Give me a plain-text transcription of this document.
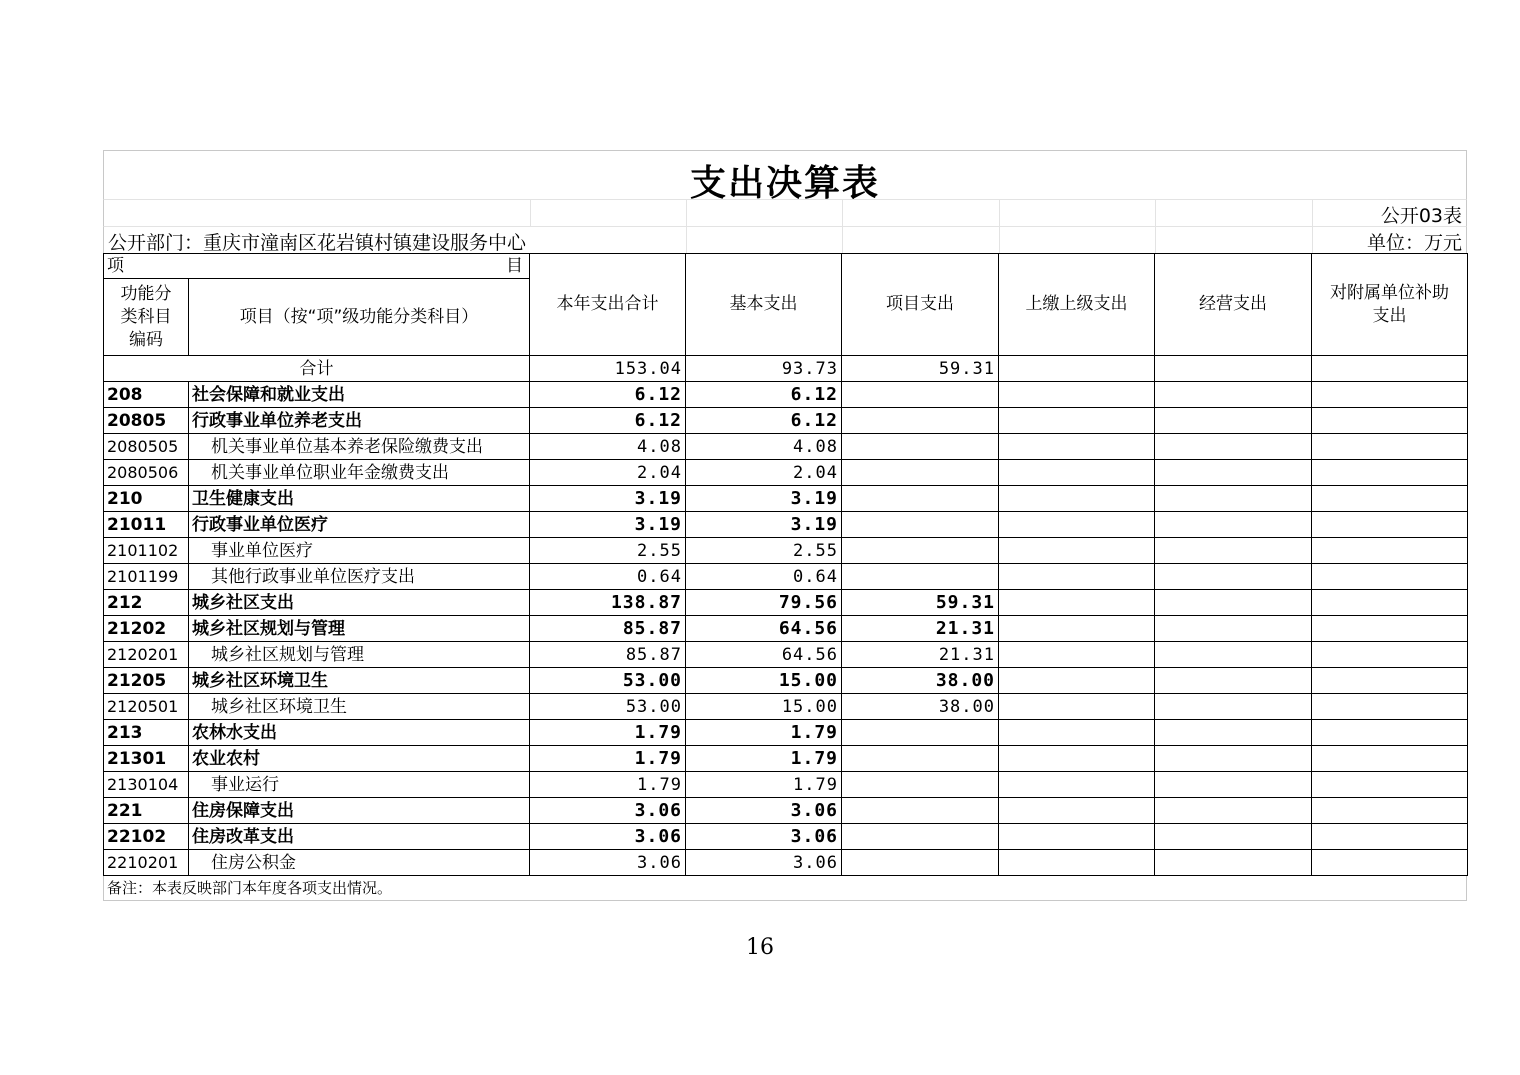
支出决算表
公开03表
公开部门：重庆市潼南区花岩镇村镇建设服务中心	单位：万元
项 目		本年支出合计	基本支出	项目支出	上缴上级支出	经营支出	对附属单位补助支出
功能分类科目编码	项目（按“项”级功能分类科目）						
合计		153.04	93.73	59.31			
208	社会保障和就业支出	6.12	6.12				
20805	行政事业单位养老支出	6.12	6.12				
2080505	机关事业单位基本养老保险缴费支出	4.08	4.08				
2080506	机关事业单位职业年金缴费支出	2.04	2.04				
210	卫生健康支出	3.19	3.19				
21011	行政事业单位医疗	3.19	3.19				
2101102	事业单位医疗	2.55	2.55				
2101199	其他行政事业单位医疗支出	0.64	0.64				
212	城乡社区支出	138.87	79.56	59.31			
21202	城乡社区规划与管理	85.87	64.56	21.31			
2120201	城乡社区规划与管理	85.87	64.56	21.31			
21205	城乡社区环境卫生	53.00	15.00	38.00			
2120501	城乡社区环境卫生	53.00	15.00	38.00			
213	农林水支出	1.79	1.79				
21301	农业农村	1.79	1.79				
2130104	事业运行	1.79	1.79				
221	住房保障支出	3.06	3.06				
22102	住房改革支出	3.06	3.06				
2210201	住房公积金	3.06	3.06				
备注：本表反映部门本年度各项支出情况。
16
